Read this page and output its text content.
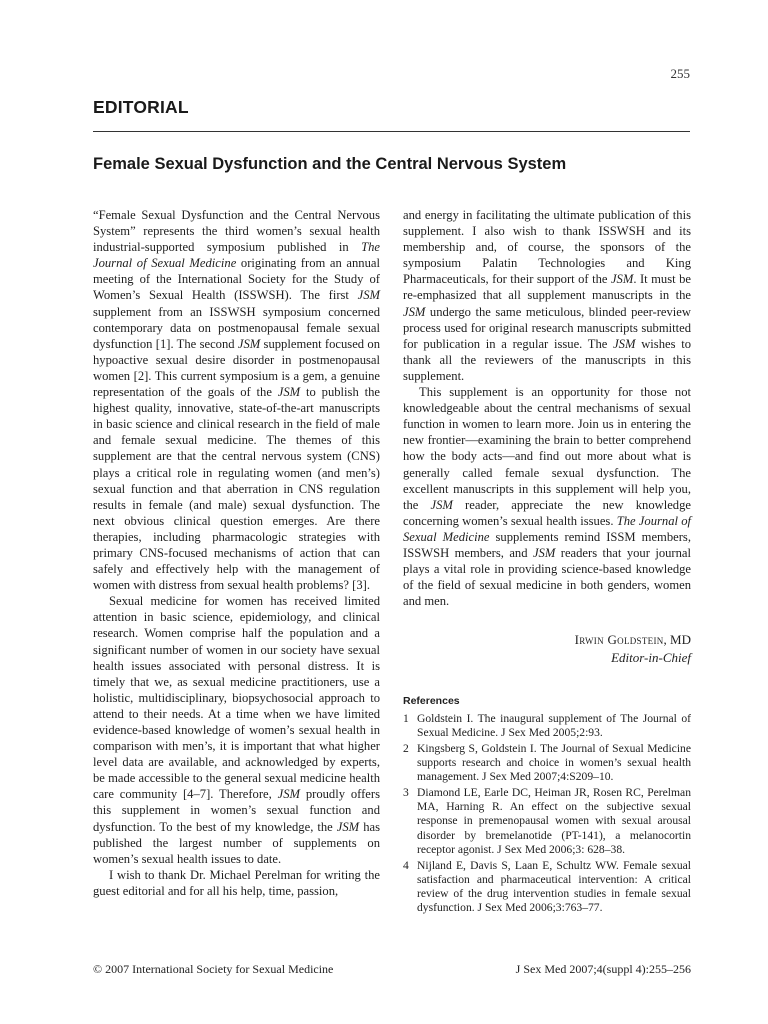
255
EDITORIAL
Female Sexual Dysfunction and the Central Nervous System

“Female Sexual Dysfunction and the Central Nervous System” represents the third women’s sexual health industrial-supported symposium published in The Journal of Sexual Medicine originating from an annual meeting of the International Society for the Study of Women’s Sexual Health (ISSWSH). The first JSM supplement from an ISSWSH symposium concerned contemporary data on postmenopausal female sexual dysfunction [1]. The second JSM supplement focused on hypoactive sexual desire disorder in postmenopausal women [2]. This current symposium is a gem, a genuine representation of the goals of the JSM to publish the highest quality, innovative, state-of-the-art manuscripts in basic science and clinical research in the field of male and female sexual medicine. The themes of this supplement are that the central nervous system (CNS) plays a critical role in regulating women (and men’s) sexual function and that aberration in CNS regulation results in female (and male) sexual dysfunction. The next obvious clinical question emerges. Are there therapies, including pharmacologic strategies with primary CNS-focused mechanisms of action that can safely and effectively help with the management of women with distress from sexual health problems? [3].

Sexual medicine for women has received limited attention in basic science, epidemiology, and clinical research. Women comprise half the population and a significant number of women in our society have sexual health issues associated with personal distress. It is timely that we, as sexual medicine practitioners, use a holistic, multidisciplinary, biopsychosocial approach to attend to their needs. At a time when we have limited evidence-based knowledge of women’s sexual health in comparison with men’s, it is important that what higher level data are available, and acknowledged by experts, be made accessible to the general sexual medicine health care community [4–7]. Therefore, JSM proudly offers this supplement in women’s sexual function and dysfunction. To the best of my knowledge, the JSM has published the largest number of supplements on women’s sexual health issues to date.

I wish to thank Dr. Michael Perelman for writing the guest editorial and for all his help, time, passion,

and energy in facilitating the ultimate publication of this supplement. I also wish to thank ISSWSH and its membership and, of course, the sponsors of the symposium Palatin Technologies and King Pharmaceuticals, for their support of the JSM. It must be re-emphasized that all supplement manuscripts in the JSM undergo the same meticulous, blinded peer-review process used for original research manuscripts submitted for publication in a regular issue. The JSM wishes to thank all the reviewers of the manuscripts in this supplement.

This supplement is an opportunity for those not knowledgeable about the central mechanisms of sexual function in women to learn more. Join us in entering the new frontier—examining the brain to better comprehend how the body acts—and find out more about what is generally called female sexual dysfunction. The excellent manuscripts in this supplement will help you, the JSM reader, appreciate the new knowledge concerning women’s sexual health issues. The Journal of Sexual Medicine supplements remind ISSM members, ISSWSH members, and JSM readers that your journal plays a vital role in providing science-based knowledge of the field of sexual medicine in both genders, women and men.

Irwin Goldstein, MD
Editor-in-Chief
References
1 Goldstein I. The inaugural supplement of The Journal of Sexual Medicine. J Sex Med 2005;2:93.
2 Kingsberg S, Goldstein I. The Journal of Sexual Medicine supports research and choice in women’s sexual health management. J Sex Med 2007;4:S209–10.
3 Diamond LE, Earle DC, Heiman JR, Rosen RC, Perelman MA, Harning R. An effect on the subjective sexual response in premenopausal women with sexual arousal disorder by bremelanotide (PT-141), a melanocortin receptor agonist. J Sex Med 2006;3: 628–38.
4 Nijland E, Davis S, Laan E, Schultz WW. Female sexual satisfaction and pharmaceutical intervention: A critical review of the drug intervention studies in female sexual dysfunction. J Sex Med 2006;3:763–77.
© 2007 International Society for Sexual Medicine	J Sex Med 2007;4(suppl 4):255–256
